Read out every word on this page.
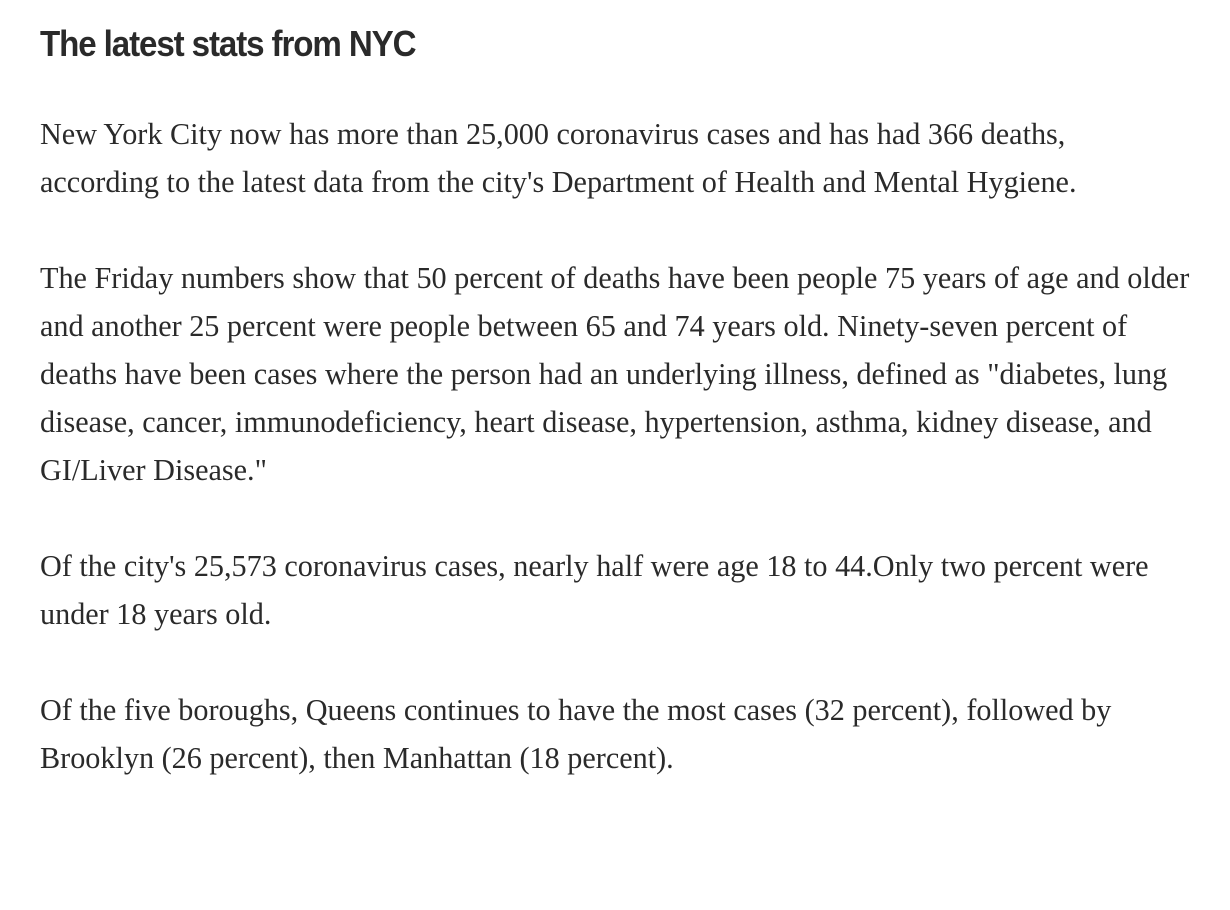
The latest stats from NYC

New York City now has more than 25,000 coronavirus cases and has had 366 deaths, according to the latest data from the city's Department of Health and Mental Hygiene.

The Friday numbers show that 50 percent of deaths have been people 75 years of age and older and another 25 percent were people between 65 and 74 years old. Ninety-seven percent of deaths have been cases where the person had an underlying illness, defined as "diabetes, lung disease, cancer, immunodeficiency, heart disease, hypertension, asthma, kidney disease, and GI/Liver Disease."

Of the city's 25,573 coronavirus cases, nearly half were age 18 to 44.Only two percent were under 18 years old.

Of the five boroughs, Queens continues to have the most cases (32 percent), followed by Brooklyn (26 percent), then Manhattan (18 percent).
